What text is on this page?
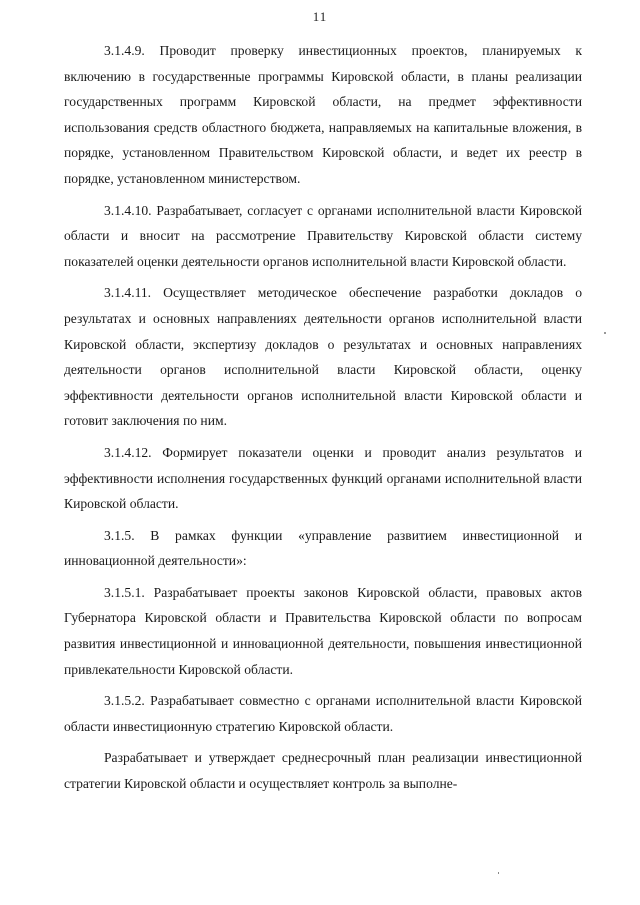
11

3.1.4.9. Проводит проверку инвестиционных проектов, планируемых к включению в государственные программы Кировской области, в планы реализации государственных программ Кировской области, на предмет эффективности использования средств областного бюджета, направляемых на капитальные вложения, в порядке, установленном Правительством Кировской области, и ведет их реестр в порядке, установленном министерством.

3.1.4.10. Разрабатывает, согласует с органами исполнительной власти Кировской области и вносит на рассмотрение Правительству Кировской области систему показателей оценки деятельности органов исполнительной власти Кировской области.

3.1.4.11. Осуществляет методическое обеспечение разработки докладов о результатах и основных направлениях деятельности органов исполнительной власти Кировской области, экспертизу докладов о результатах и основных направлениях деятельности органов исполнительной власти Кировской области, оценку эффективности деятельности органов исполнительной власти Кировской области и готовит заключения по ним.

3.1.4.12. Формирует показатели оценки и проводит анализ результатов и эффективности исполнения государственных функций органами исполнительной власти Кировской области.

3.1.5. В рамках функции «управление развитием инвестиционной и инновационной деятельности»:

3.1.5.1. Разрабатывает проекты законов Кировской области, правовых актов Губернатора Кировской области и Правительства Кировской области по вопросам развития инвестиционной и инновационной деятельности, повышения инвестиционной привлекательности Кировской области.

3.1.5.2. Разрабатывает совместно с органами исполнительной власти Кировской области инвестиционную стратегию Кировской области.

Разрабатывает и утверждает среднесрочный план реализации инвестиционной стратегии Кировской области и осуществляет контроль за выполне-
